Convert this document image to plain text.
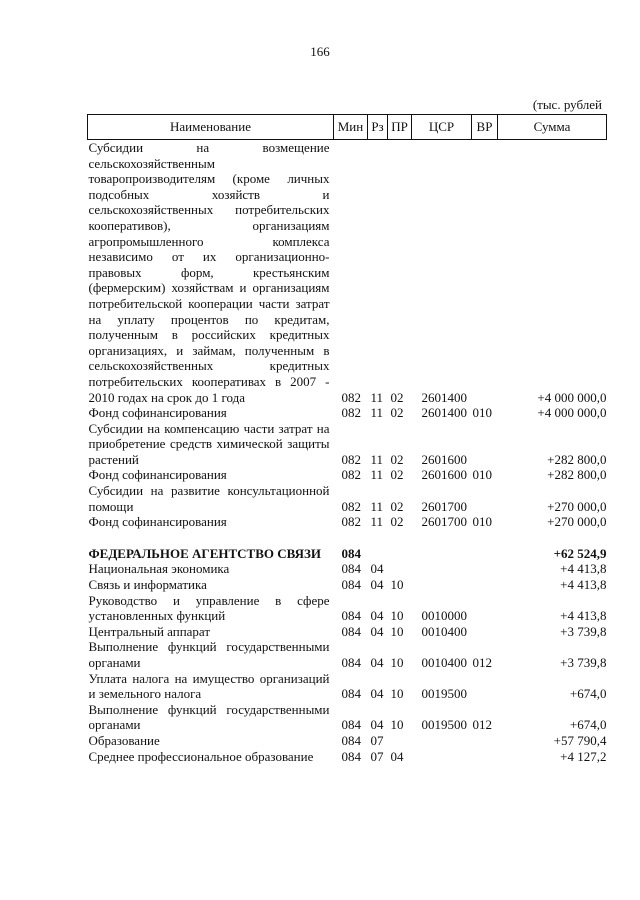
166
(тыс. рублей
Наименование	Мин	Рз	ПР	ЦСР	ВР	Сумма
Субсидии на возмещение сельскохозяйственным товаропроизводителям (кроме личных подсобных хозяйств и сельскохозяйственных потребительских кооперативов), организациям агропромышленного комплекса независимо от их организационно-правовых форм, крестьянским (фермерским) хозяйствам и организациям потребительской кооперации части затрат на уплату процентов по кредитам, полученным в российских кредитных организациях, и займам, полученным в сельскохозяйственных кредитных потребительских кооперативах в 2007 - 2010 годах на срок до 1 года	082	11	02	2601400		+4 000 000,0
Фонд софинансирования	082	11	02	2601400	010	+4 000 000,0
Субсидии на компенсацию части затрат на приобретение средств химической защиты растений	082	11	02	2601600		+282 800,0
Фонд софинансирования	082	11	02	2601600	010	+282 800,0
Субсидии на развитие консультационной помощи	082	11	02	2601700		+270 000,0
Фонд софинансирования	082	11	02	2601700	010	+270 000,0

ФЕДЕРАЛЬНОЕ АГЕНТСТВО СВЯЗИ	084					+62 524,9
Национальная экономика	084	04				+4 413,8
Связь и информатика	084	04	10			+4 413,8
Руководство и управление в сфере установленных функций	084	04	10	0010000		+4 413,8
Центральный аппарат	084	04	10	0010400		+3 739,8
Выполнение функций государственными органами	084	04	10	0010400	012	+3 739,8
Уплата налога на имущество организаций и земельного налога	084	04	10	0019500		+674,0
Выполнение функций государственными органами	084	04	10	0019500	012	+674,0
Образование	084	07				+57 790,4
Среднее профессиональное образование	084	07	04			+4 127,2
